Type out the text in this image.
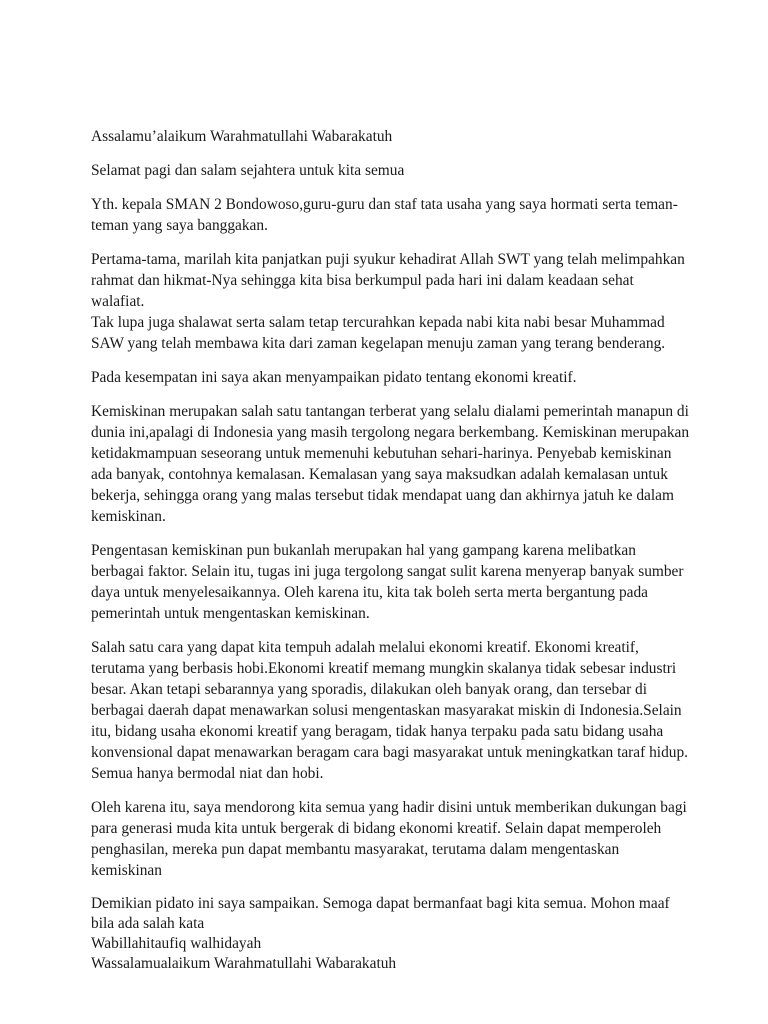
Assalamu’alaikum Warahmatullahi Wabarakatuh

Selamat pagi dan salam sejahtera untuk kita semua

Yth. kepala SMAN 2 Bondowoso,guru-guru dan staf tata usaha yang saya hormati serta teman-
teman yang saya banggakan.

Pertama-tama, marilah kita panjatkan puji syukur kehadirat Allah SWT yang telah melimpahkan
rahmat dan hikmat-Nya sehingga kita bisa berkumpul pada hari ini dalam keadaan sehat walafiat.
Tak lupa juga shalawat serta salam tetap tercurahkan kepada nabi kita nabi besar Muhammad
SAW yang telah membawa kita dari zaman kegelapan menuju zaman yang terang benderang.

Pada kesempatan ini saya akan menyampaikan pidato tentang ekonomi kreatif.

Kemiskinan merupakan salah satu tantangan terberat yang selalu dialami pemerintah manapun di
dunia ini,apalagi di Indonesia yang masih tergolong negara berkembang. Kemiskinan merupakan
ketidakmampuan seseorang untuk memenuhi kebutuhan sehari-harinya. Penyebab kemiskinan
ada banyak, contohnya kemalasan. Kemalasan yang saya maksudkan adalah kemalasan untuk
bekerja, sehingga orang yang malas tersebut tidak mendapat uang dan akhirnya jatuh ke dalam
kemiskinan.

Pengentasan kemiskinan pun bukanlah merupakan hal yang gampang karena melibatkan
berbagai faktor. Selain itu, tugas ini juga tergolong sangat sulit karena menyerap banyak sumber
daya untuk menyelesaikannya. Oleh karena itu, kita tak boleh serta merta bergantung pada
pemerintah untuk mengentaskan kemiskinan.

Salah satu cara yang dapat kita tempuh adalah melalui ekonomi kreatif. Ekonomi kreatif,
terutama yang berbasis hobi.Ekonomi kreatif memang mungkin skalanya tidak sebesar industri
besar. Akan tetapi sebarannya yang sporadis, dilakukan oleh banyak orang, dan tersebar di
berbagai daerah dapat menawarkan solusi mengentaskan masyarakat miskin di Indonesia.Selain
itu, bidang usaha ekonomi kreatif yang beragam, tidak hanya terpaku pada satu bidang usaha
konvensional dapat menawarkan beragam cara bagi masyarakat untuk meningkatkan taraf hidup.
Semua hanya bermodal niat dan hobi.

Oleh karena itu, saya mendorong kita semua yang hadir disini untuk memberikan dukungan bagi
para generasi muda kita untuk bergerak di bidang ekonomi kreatif. Selain dapat memperoleh
penghasilan, mereka pun dapat membantu masyarakat, terutama dalam mengentaskan
kemiskinan

Demikian pidato ini saya sampaikan. Semoga dapat bermanfaat bagi kita semua. Mohon maaf
bila ada salah kata

Wabillahitaufiq walhidayah

Wassalamualaikum Warahmatullahi Wabarakatuh
